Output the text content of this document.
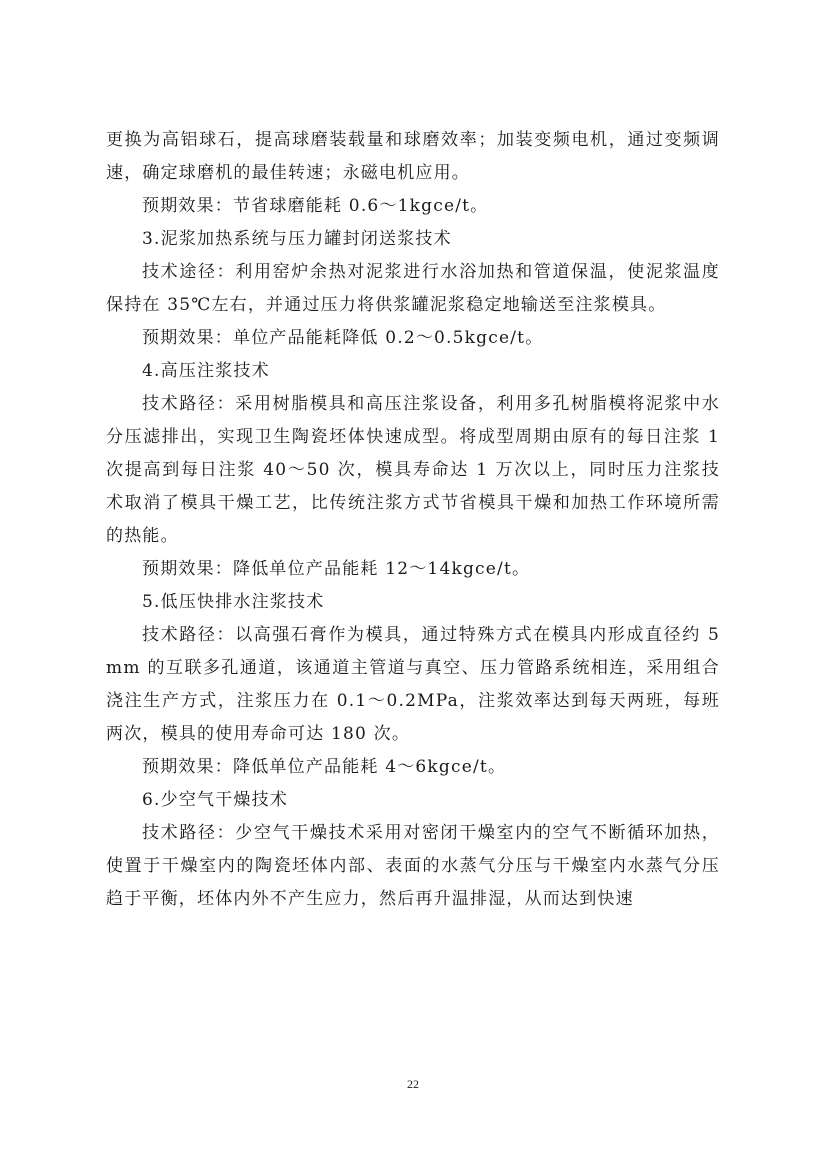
更换为高铝球石，提高球磨装载量和球磨效率；加装变频电机，通过变频调速，确定球磨机的最佳转速；永磁电机应用。

预期效果：节省球磨能耗 0.6～1kgce/t。

3.泥浆加热系统与压力罐封闭送浆技术

技术途径：利用窑炉余热对泥浆进行水浴加热和管道保温，使泥浆温度保持在 35℃左右，并通过压力将供浆罐泥浆稳定地输送至注浆模具。

预期效果：单位产品能耗降低 0.2～0.5kgce/t。

4.高压注浆技术

技术路径：采用树脂模具和高压注浆设备，利用多孔树脂模将泥浆中水分压滤排出，实现卫生陶瓷坯体快速成型。将成型周期由原有的每日注浆 1 次提高到每日注浆 40～50 次，模具寿命达 1 万次以上，同时压力注浆技术取消了模具干燥工艺，比传统注浆方式节省模具干燥和加热工作环境所需的热能。

预期效果：降低单位产品能耗 12～14kgce/t。

5.低压快排水注浆技术

技术路径：以高强石膏作为模具，通过特殊方式在模具内形成直径约 5mm 的互联多孔通道，该通道主管道与真空、压力管路系统相连，采用组合浇注生产方式，注浆压力在 0.1～0.2MPa，注浆效率达到每天两班，每班两次，模具的使用寿命可达 180 次。

预期效果：降低单位产品能耗 4～6kgce/t。

6.少空气干燥技术

技术路径：少空气干燥技术采用对密闭干燥室内的空气不断循环加热，使置于干燥室内的陶瓷坯体内部、表面的水蒸气分压与干燥室内水蒸气分压趋于平衡，坯体内外不产生应力，然后再升温排湿，从而达到快速

22
